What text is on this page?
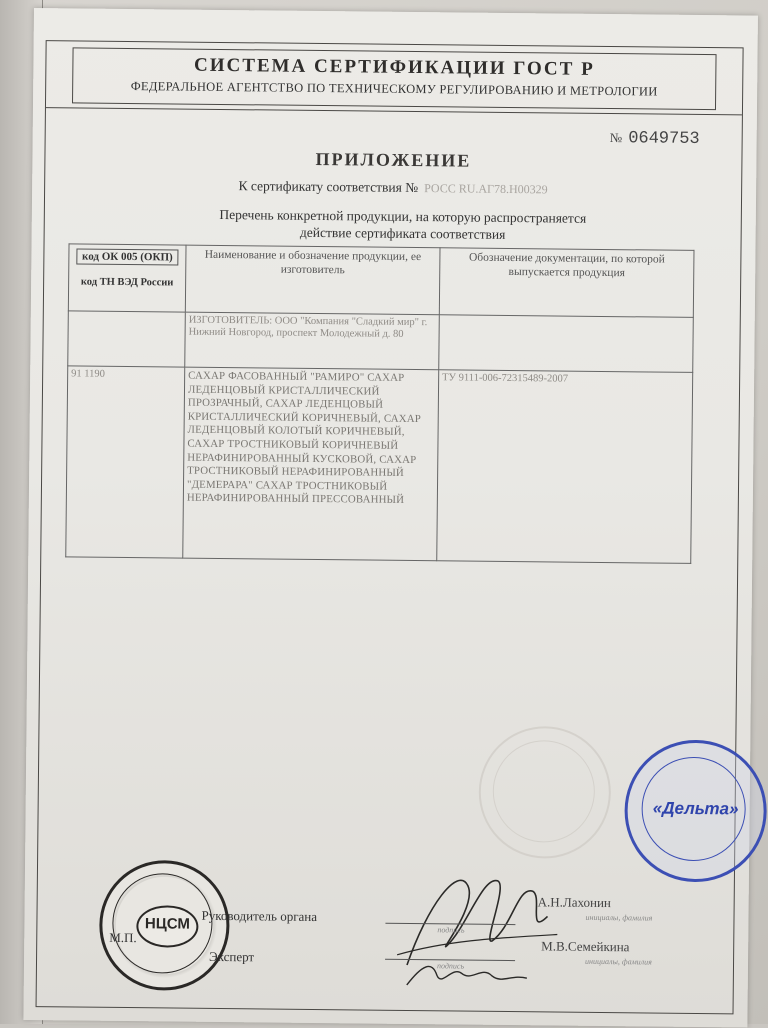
СИСТЕМА СЕРТИФИКАЦИИ ГОСТ Р
ФЕДЕРАЛЬНОЕ АГЕНТСТВО ПО ТЕХНИЧЕСКОМУ РЕГУЛИРОВАНИЮ И МЕТРОЛОГИИ
№ 0649753
ПРИЛОЖЕНИЕ
К сертификату соответствия № РОСС RU.АГ78.Н00329
Перечень конкретной продукции, на которую распространяется
действие сертификата соответствия
код ОК 005 (ОКП)
код ТН ВЭД России	Наименование и обозначение продукции, ее изготовитель	Обозначение документации, по которой выпускается продукция
	ИЗГОТОВИТЕЛЬ: ООО "Компания "Сладкий мир" г. Нижний Новгород, проспект Молодежный д. 80	
91 1190	САХАР ФАСОВАННЫЙ "РАМИРО" САХАР ЛЕДЕНЦОВЫЙ КРИСТАЛЛИЧЕСКИЙ ПРОЗРАЧНЫЙ, САХАР ЛЕДЕНЦОВЫЙ КРИСТАЛЛИЧЕСКИЙ КОРИЧНЕВЫЙ, САХАР ЛЕДЕНЦОВЫЙ КОЛОТЫЙ КОРИЧНЕВЫЙ, САХАР ТРОСТНИКОВЫЙ КОРИЧНЕВЫЙ НЕРАФИНИРОВАННЫЙ КУСКОВОЙ, САХАР ТРОСТНИКОВЫЙ НЕРАФИНИРОВАННЫЙ "ДЕМЕРАРА" САХАР ТРОСТНИКОВЫЙ НЕРАФИНИРОВАННЫЙ ПРЕССОВАННЫЙ	ТУ 9111-006-72315489-2007
«Дельта»
НЦСМ Руководитель органа
М.П.
Эксперт
подпись
подпись
А.Н.Лахонин
инициалы, фамилия
М.В.Семейкина
инициалы, фамилия
